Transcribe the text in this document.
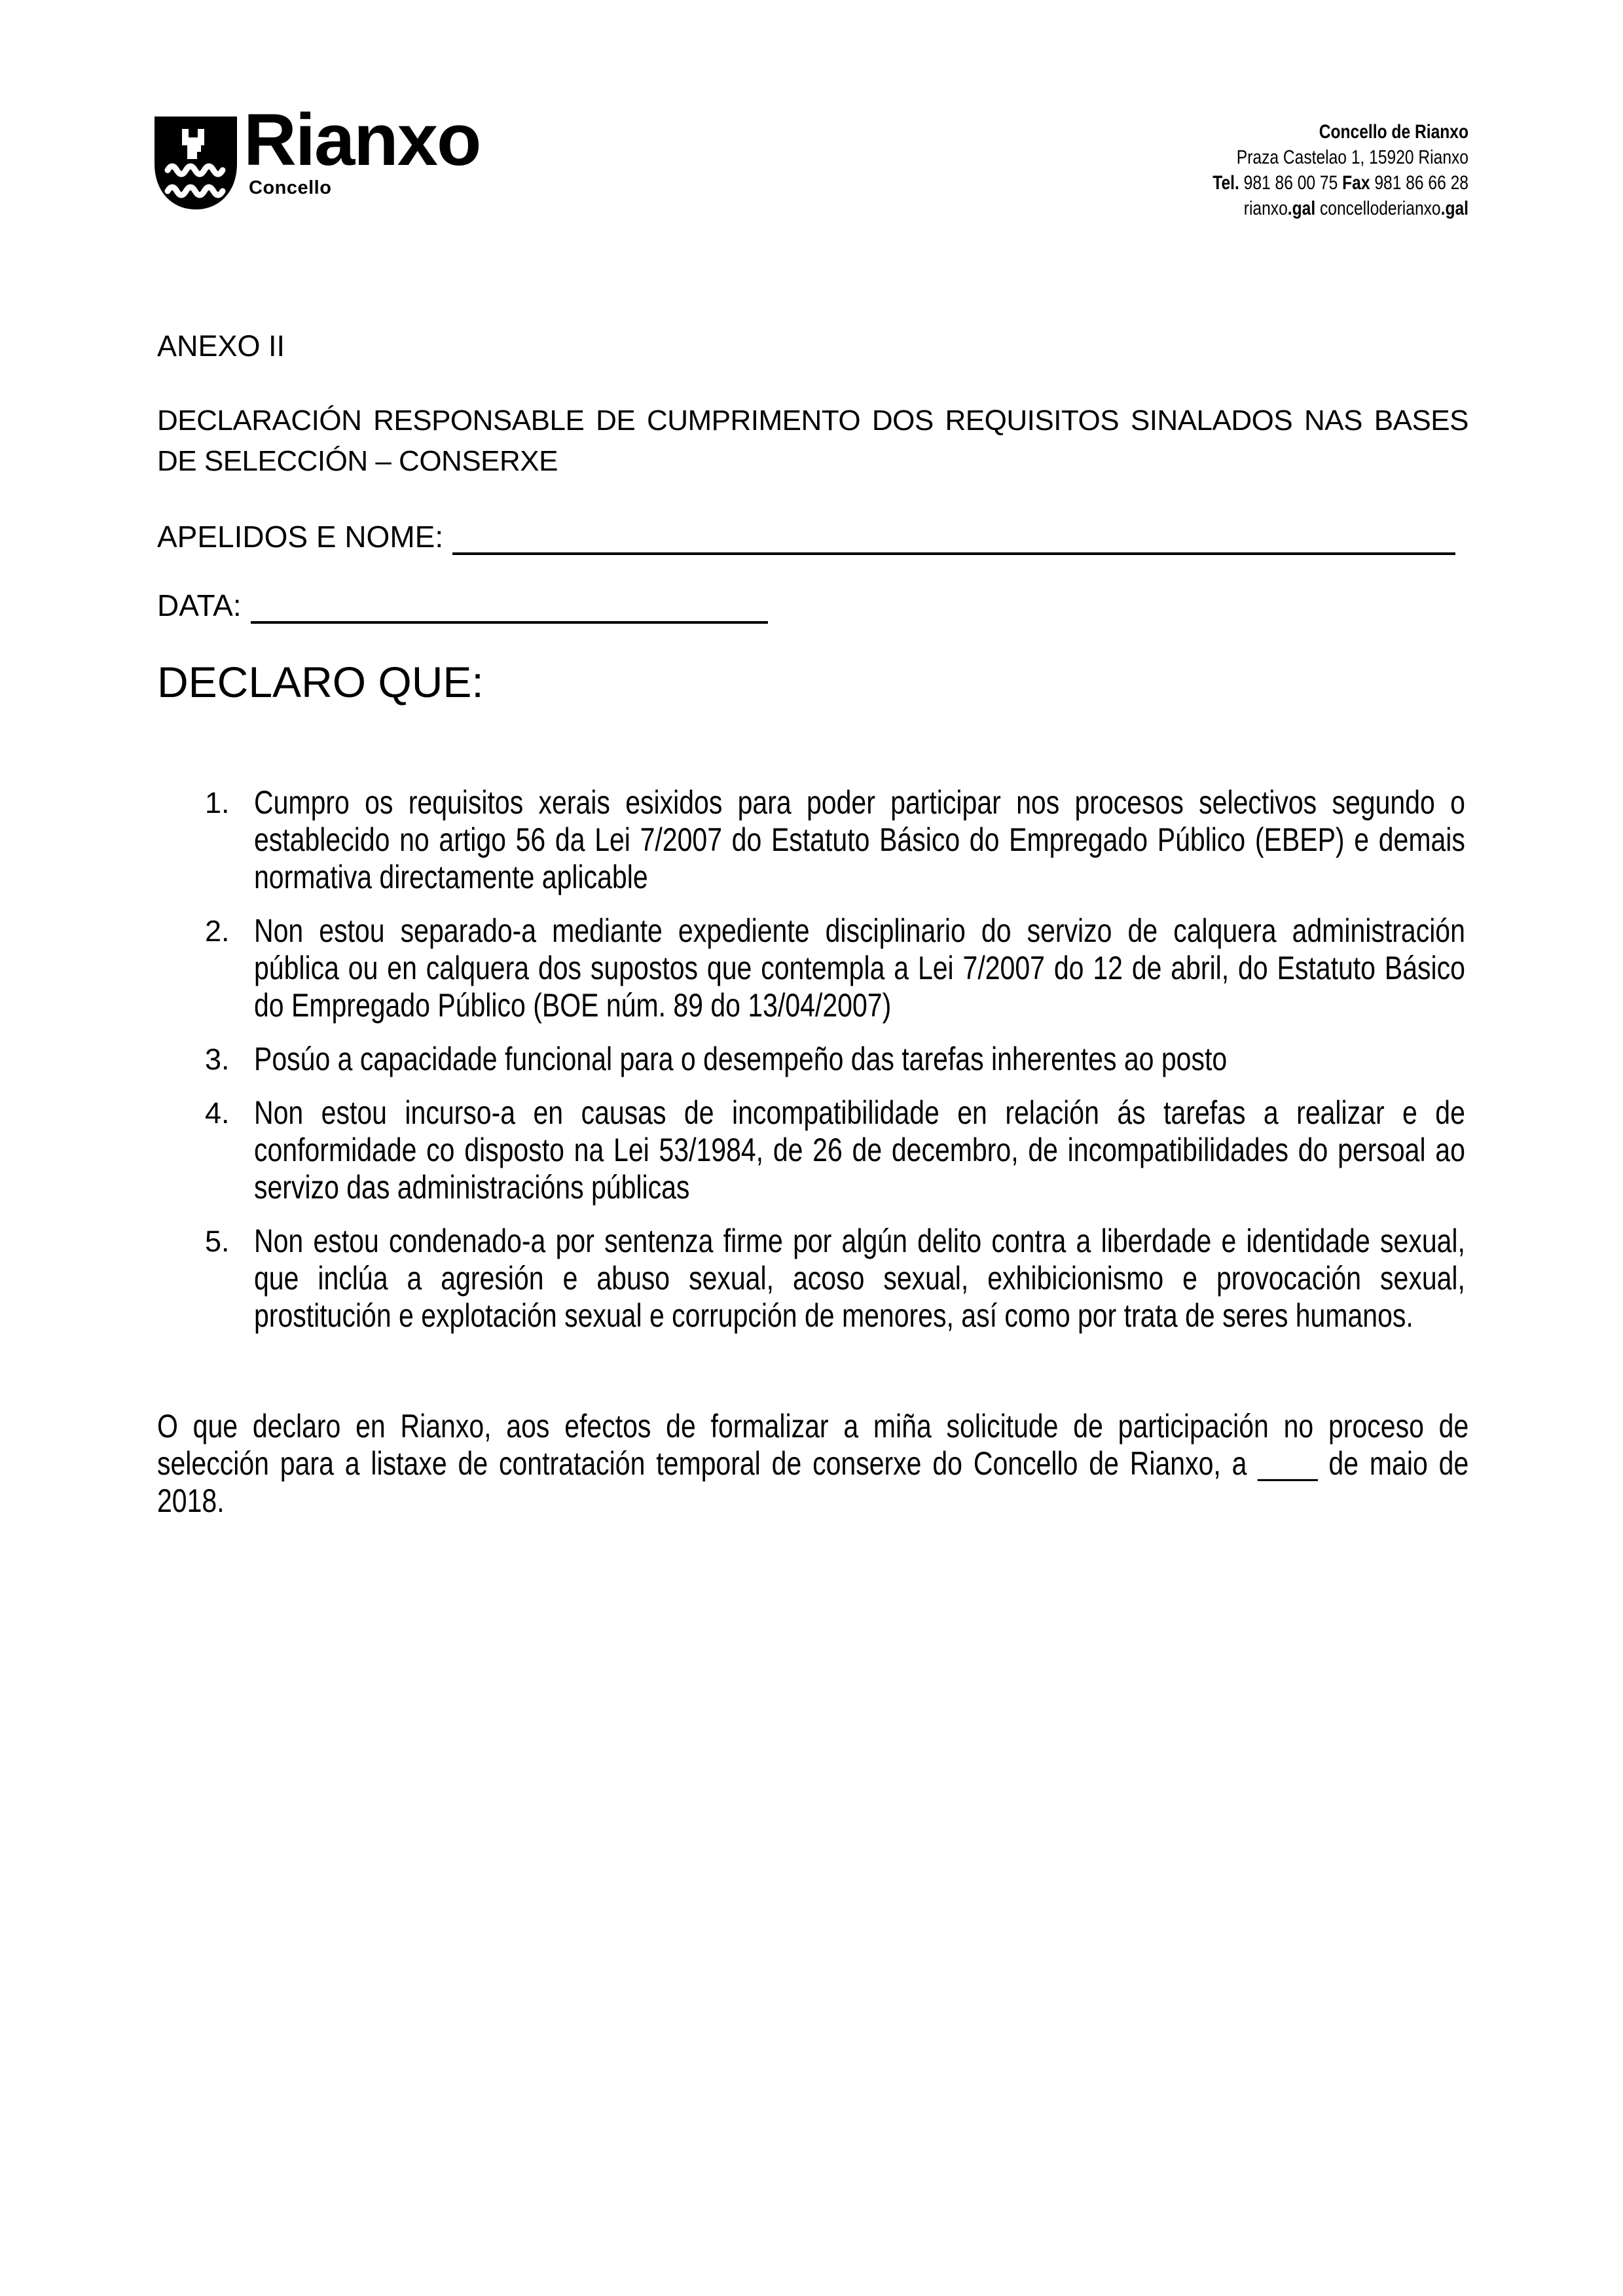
Rianxo
Concello
Concello de Rianxo
Praza Castelao 1, 15920 Rianxo
Tel. 981 86 00 75 Fax 981 86 66 28
rianxo.gal concelloderianxo.gal
ANEXO II
DECLARACIÓN RESPONSABLE DE CUMPRIMENTO DOS REQUISITOS SINALADOS NAS BASES DE SELECCIÓN – CONSERXE
APELIDOS E NOME:
DATA:
DECLARO QUE:
1. Cumpro os requisitos xerais esixidos para poder participar nos procesos selectivos segundo o establecido no artigo 56 da Lei 7/2007 do Estatuto Básico do Empregado Público (EBEP) e demais normativa directamente aplicable
2. Non estou separado-a mediante expediente disciplinario do servizo de calquera administración pública ou en calquera dos supostos que contempla a Lei 7/2007 do 12 de abril, do Estatuto Básico do Empregado Público (BOE núm. 89 do 13/04/2007)
3. Posúo a capacidade funcional para o desempeño das tarefas inherentes ao posto
4. Non estou incurso-a en causas de incompatibilidade en relación ás tarefas a realizar e de conformidade co disposto na Lei 53/1984, de 26 de decembro, de incompatibilidades do persoal ao servizo das administracións públicas
5. Non estou condenado-a por sentenza firme por algún delito contra a liberdade e identidade sexual, que inclúa a agresión e abuso sexual, acoso sexual, exhibicionismo e provocación sexual, prostitución e explotación sexual e corrupción de menores, así como por trata de seres humanos.
O que declaro en Rianxo, aos efectos de formalizar a miña solicitude de participación no proceso de selección para a listaxe de contratación temporal de conserxe do Concello de Rianxo, a ____ de maio de 2018.
